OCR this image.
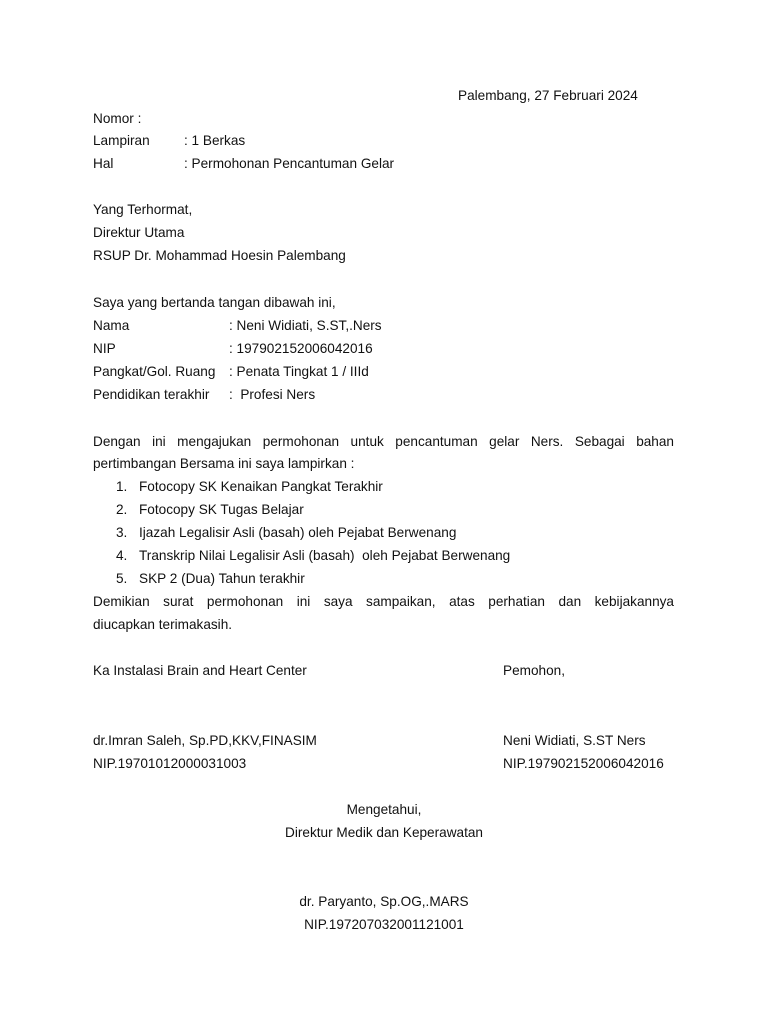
Palembang, 27 Februari 2024
Nomor :
Lampiran	: 1 Berkas
Hal	: Permohonan Pencantuman Gelar
Yang Terhormat,
Direktur Utama
RSUP Dr. Mohammad Hoesin Palembang
Saya yang bertanda tangan dibawah ini,
Nama	: Neni Widiati, S.ST,.Ners
NIP	: 197902152006042016
Pangkat/Gol. Ruang : Penata Tingkat 1 / IIId
Pendidikan terakhir :  Profesi Ners
Dengan ini mengajukan permohonan untuk pencantuman gelar Ners. Sebagai bahan
pertimbangan Bersama ini saya lampirkan :
1. Fotocopy SK Kenaikan Pangkat Terakhir
2. Fotocopy SK Tugas Belajar
3. Ijazah Legalisir Asli (basah) oleh Pejabat Berwenang
4. Transkrip Nilai Legalisir Asli (basah)  oleh Pejabat Berwenang
5. SKP 2 (Dua) Tahun terakhir
Demikian surat permohonan ini saya sampaikan, atas perhatian dan kebijakannya
diucapkan terimakasih.
Ka Instalasi Brain and Heart Center	Pemohon,
dr.Imran Saleh, Sp.PD,KKV,FINASIM	Neni Widiati, S.ST Ners
NIP.19701012000031003	NIP.197902152006042016
Mengetahui,
Direktur Medik dan Keperawatan
dr. Paryanto, Sp.OG,.MARS
NIP.197207032001121001
